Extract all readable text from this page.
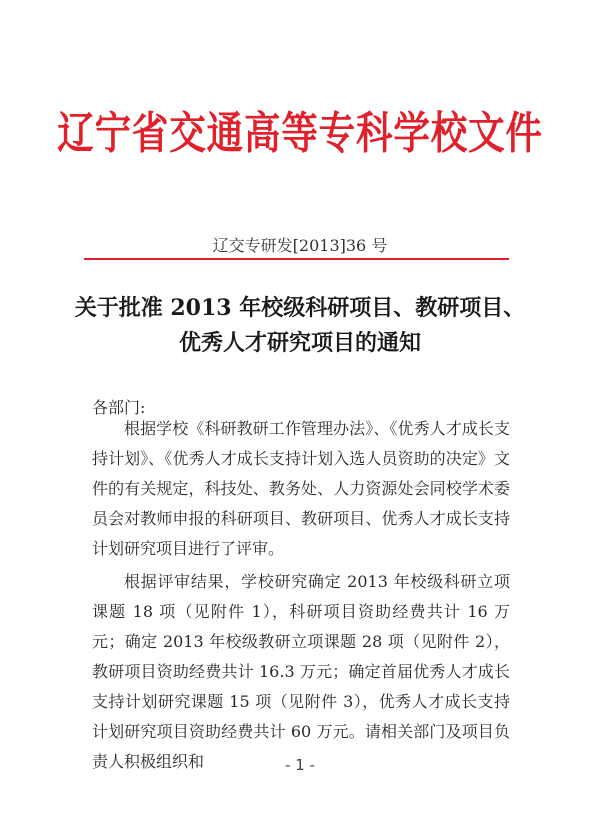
辽宁省交通高等专科学校文件
辽交专研发[2013]36 号
关于批准 2013 年校级科研项目、教研项目、
优秀人才研究项目的通知
各部门:

根据学校《科研教研工作管理办法》、《优秀人才成长支持计划》、《优秀人才成长支持计划入选人员资助的决定》文件的有关规定，科技处、教务处、人力资源处会同校学术委员会对教师申报的科研项目、教研项目、优秀人才成长支持计划研究项目进行了评审。

根据评审结果，学校研究确定 2013 年校级科研立项课题 18 项（见附件 1），科研项目资助经费共计 16 万元；确定 2013 年校级教研立项课题 28 项（见附件 2），教研项目资助经费共计 16.3 万元；确定首届优秀人才成长支持计划研究课题 15 项（见附件 3），优秀人才成长支持计划研究项目资助经费共计 60 万元。请相关部门及项目负责人积极组织和	- 1 -
